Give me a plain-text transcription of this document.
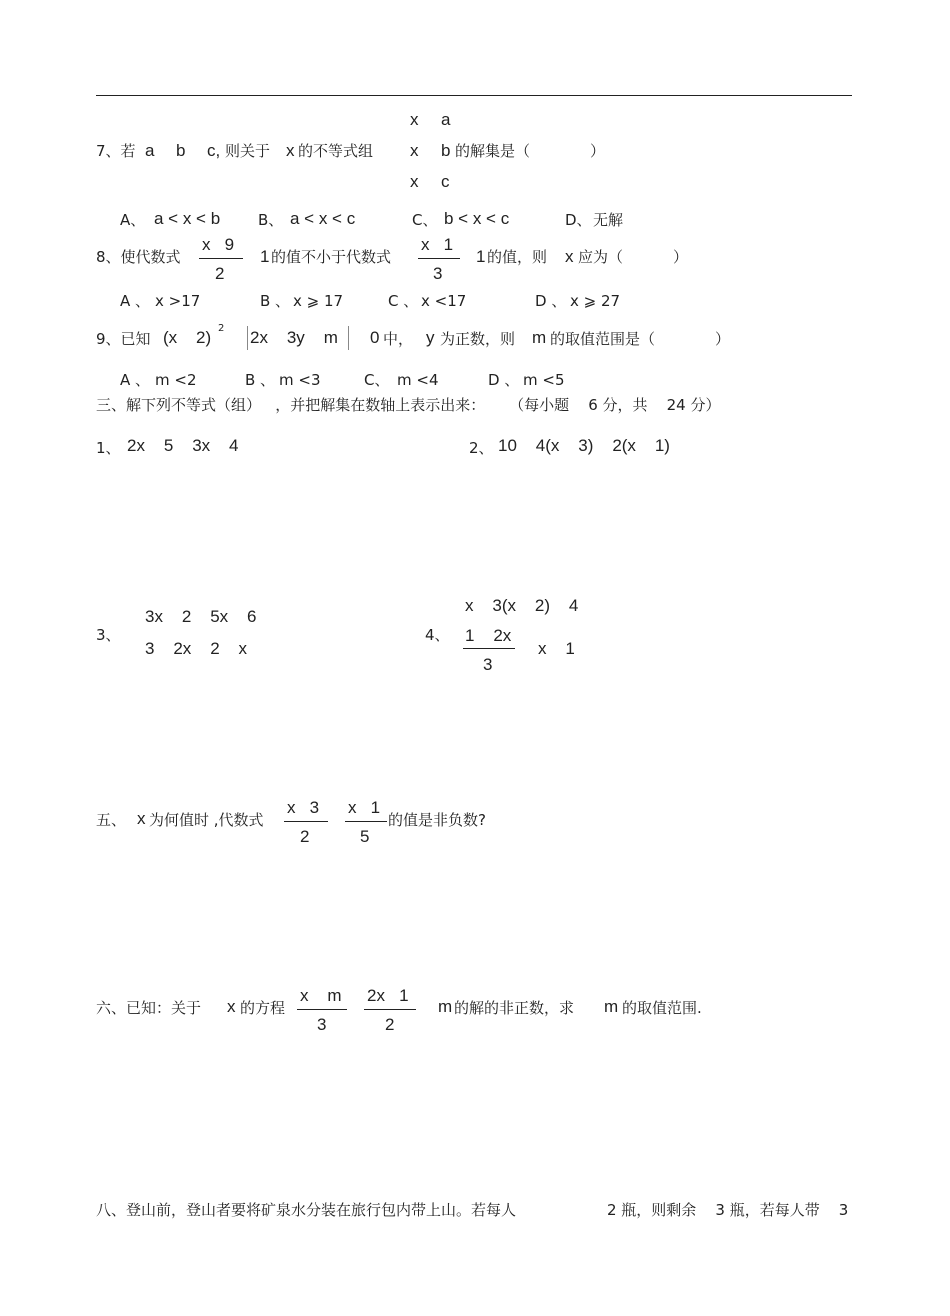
x a
7、若 a b c, 则关于 x 的不等式组 x b 的解集是（	）
x c
A、 a < x < b	B、 a < x < c	C、 b < x < c	D、 无解
8、使代数式
x   9
2
1 的值不小于代数式
x   1
3
1 的值，则 x 应为（	）
A 、 x >17	B 、 x ⩾ 17	C 、 x <17	D 、 x ⩾ 27
9、已知 (x    2) 2 2x    3y    m 0 中， y 为正数，则 m 的取值范围是（	）
A 、 m <2	B 、 m <3	C、 m <4	D 、 m <5
三、解下列不等式（组）   ，并把解集在数轴上表示出来：     （每小题    6 分，共    24 分）
1、 2x    5    3x    4	2、 10    4(x    3)    2(x    1)
3、
3x    2    5x    6
3    2x    2    x
4、
x    3(x    2)    4
1    2x
3
x    1
五、 x 为何值时 ,代数式
x   3
2
x   1
5
的值是非负数?
六、已知：关于 x 的方程
x    m
3
2x   1
2
m 的解的非正数，求 m 的取值范围.
八、登山前，登山者要将矿泉水分装在旅行包内带上山。若每人	2 瓶，则剩余    3 瓶，若每人带    3
